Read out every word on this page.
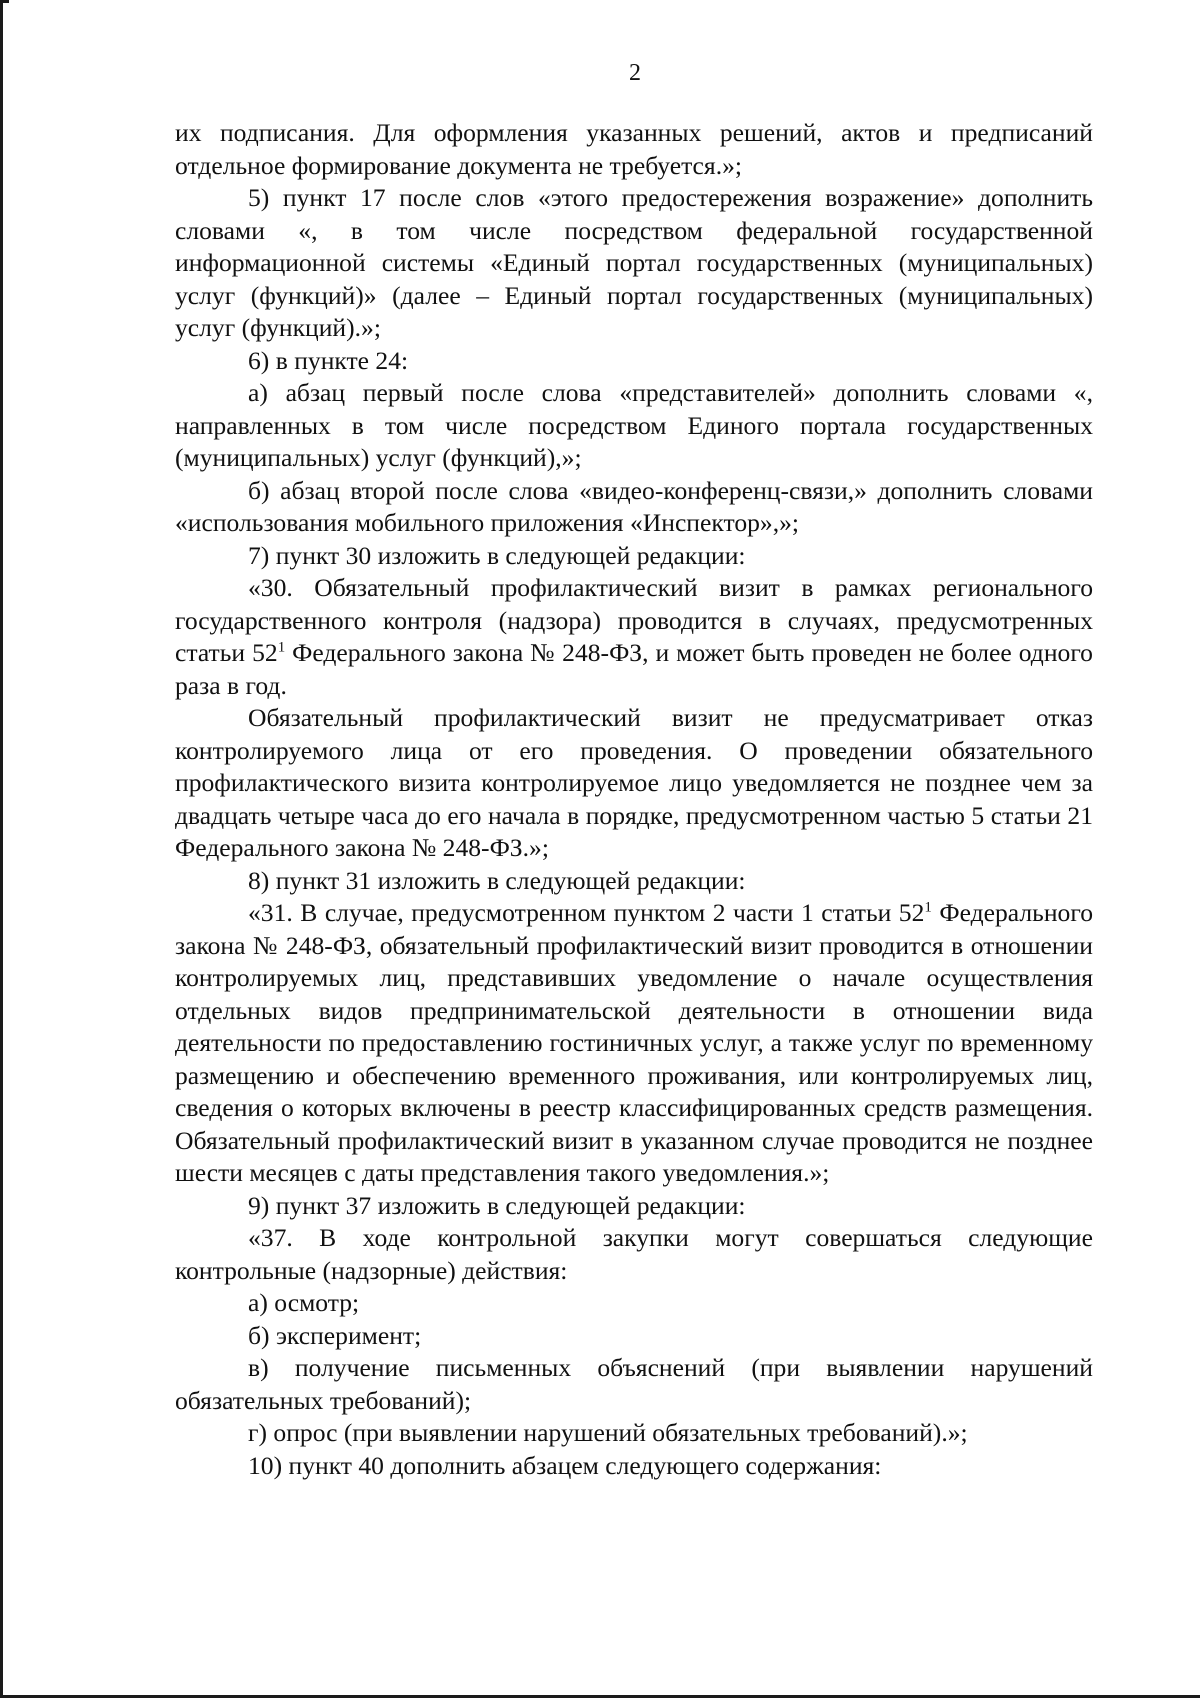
2

их подписания. Для оформления указанных решений, актов и предписаний отдельное формирование документа не требуется.»;

5) пункт 17 после слов «этого предостережения возражение» дополнить словами «, в том числе посредством федеральной государственной информационной системы «Единый портал государственных (муниципальных) услуг (функций)» (далее – Единый портал государственных (муниципальных) услуг (функций).»;

6) в пункте 24:

а) абзац первый после слова «представителей» дополнить словами «, направленных в том числе посредством Единого портала государственных (муниципальных) услуг (функций),»;

б) абзац второй после слова «видео-конференц-связи,» дополнить словами «использования мобильного приложения «Инспектор»,»;

7) пункт 30 изложить в следующей редакции:

«30. Обязательный профилактический визит в рамках регионального государственного контроля (надзора) проводится в случаях, предусмотренных статьи $52^1$ Федерального закона № 248-ФЗ, и может быть проведен не более одного раза в год.

Обязательный профилактический визит не предусматривает отказ контролируемого лица от его проведения. О проведении обязательного профилактического визита контролируемое лицо уведомляется не позднее чем за двадцать четыре часа до его начала в порядке, предусмотренном частью 5 статьи 21 Федерального закона № 248-ФЗ.»;

8) пункт 31 изложить в следующей редакции:

«31. В случае, предусмотренном пунктом 2 части 1 статьи $52^1$ Федерального закона № 248-ФЗ, обязательный профилактический визит проводится в отношении контролируемых лиц, представивших уведомление о начале осуществления отдельных видов предпринимательской деятельности в отношении вида деятельности по предоставлению гостиничных услуг, а также услуг по временному размещению и обеспечению временного проживания, или контролируемых лиц, сведения о которых включены в реестр классифицированных средств размещения. Обязательный профилактический визит в указанном случае проводится не позднее шести месяцев с даты представления такого уведомления.»;

9) пункт 37 изложить в следующей редакции:

«37. В ходе контрольной закупки могут совершаться следующие контрольные (надзорные) действия:

а) осмотр;

б) эксперимент;

в) получение письменных объяснений (при выявлении нарушений обязательных требований);

г) опрос (при выявлении нарушений обязательных требований).»;

10) пункт 40 дополнить абзацем следующего содержания:
